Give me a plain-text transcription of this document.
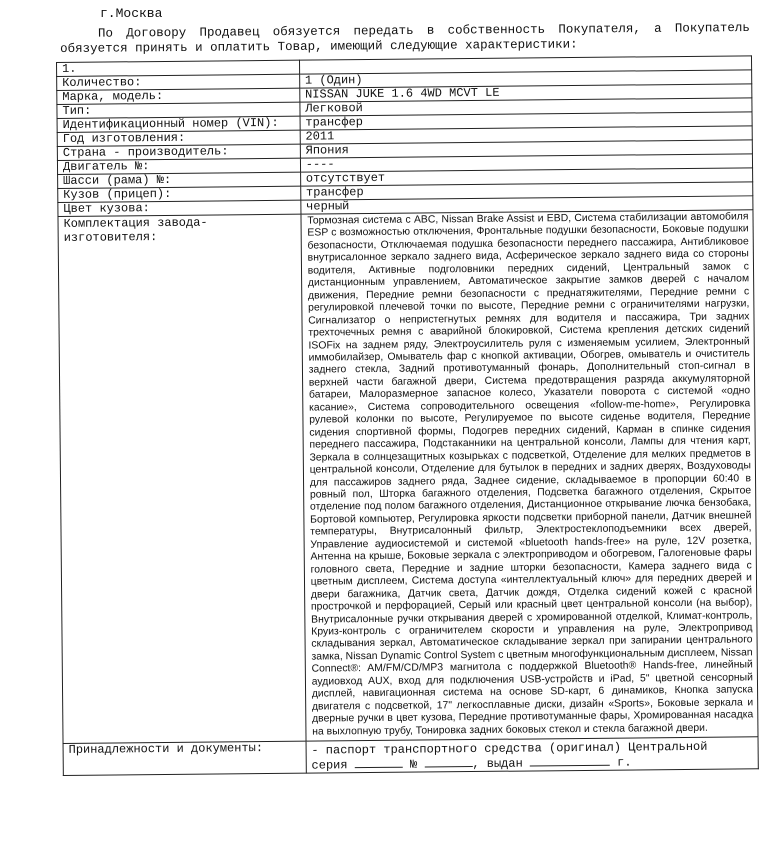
г.Москва
По Договору Продавец обязуется передать в собственность Покупателя, а Покупатель обязуется принять и оплатить Товар, имеющий следующие характеристики:
1.	
Количество:	1 (Один)
Марка, модель:	NISSAN JUKE 1.6 4WD MCVT LE
Тип:	Легковой
Идентификационный номер (VIN):	трансфер
Год изготовления:	2011
Страна - производитель:	Япония
Двигатель №:	----
Шасси (рама) №:	отсутствует
Кузов (прицеп):	трансфер
Цвет кузова:	черный
Комплектация завода-изготовителя:	Тормозная система с ABC, Nissan Brake Assist и EBD, Система стабилизации автомобиля ESP с возможностью отключения, Фронтальные подушки безопасности, Боковые подушки безопасности, Отключаемая подушка безопасности переднего пассажира, Антибликовое внутрисалонное зеркало заднего вида, Асферическое зеркало заднего вида со стороны водителя, Активные подголовники передних сидений, Центральный замок с дистанционным управлением, Автоматическое закрытие замков дверей с началом движения, Передние ремни безопасности с преднатяжителями, Передние ремни с регулировкой плечевой точки по высоте, Передние ремни с ограничителями нагрузки, Сигнализатор о непристегнутых ремнях для водителя и пассажира, Три задних трехточечных ремня с аварийной блокировкой, Система крепления детских сидений ISOFix на заднем ряду, Электроусилитель руля с изменяемым усилием, Электронный иммобилайзер, Омыватель фар с кнопкой активации, Обогрев, омыватель и очиститель заднего стекла, Задний противотуманный фонарь, Дополнительный стоп-сигнал в верхней части багажной двери, Система предотвращения разряда аккумуляторной батареи, Малоразмерное запасное колесо, Указатели поворота с системой «одно касание», Система сопроводительного освещения «follow-me-home», Регулировка рулевой колонки по высоте, Регулируемое по высоте сиденье водителя, Передние сидения спортивной формы, Подогрев передних сидений, Карман в спинке сидения переднего пассажира, Подстаканники на центральной консоли, Лампы для чтения карт, Зеркала в солнцезащитных козырьках с подсветкой, Отделение для мелких предметов в центральной консоли, Отделение для бутылок в передних и задних дверях, Воздуховоды для пассажиров заднего ряда, Заднее сидение, складываемое в пропорции 60:40 в ровный пол, Шторка багажного отделения, Подсветка багажного отделения, Скрытое отделение под полом багажного отделения, Дистанционное открывание лючка бензобака, Бортовой компьютер, Регулировка яркости подсветки приборной панели, Датчик внешней температуры, Внутрисалонный фильтр, Электростеклоподъемники всех дверей, Управление аудиосистемой и системой «bluetooth hands-free» на руле, 12V розетка, Антенна на крыше, Боковые зеркала с электроприводом и обогревом, Галогеновые фары головного света, Передние и задние шторки безопасности, Камера заднего вида с цветным дисплеем, Система доступа «интеллектуальный ключ» для передних дверей и двери багажника, Датчик света, Датчик дождя, Отделка сидений кожей с красной прострочкой и перфорацией, Серый или красный цвет центральной консоли (на выбор), Внутрисалонные ручки открывания дверей с хромированной отделкой, Климат-контроль, Круиз-контроль с ограничителем скорости и управления на руле, Электропривод складывания зеркал, Автоматическое складывание зеркал при запирании центрального замка, Nissan Dynamic Control System с цветным многофункциональным дисплеем, Nissan Connect®: AM/FM/CD/MP3 магнитола с поддержкой Bluetooth® Hands-free, линейный аудиовход AUX, вход для подключения USB-устройств и iPad, 5" цветной сенсорный дисплей, навигационная система на основе SD-карт, 6 динамиков, Кнопка запуска двигателя с подсветкой, 17" легкосплавные диски, дизайн «Sports», Боковые зеркала и дверные ручки в цвет кузова, Передние противотуманные фары, Хромированная насадка на выхлопную трубу, Тонировка задних боковых стекол и стекла багажной двери.
Принадлежности и документы:	- паспорт транспортного средства (оригинал) Центральной
серия № , выдан г.
